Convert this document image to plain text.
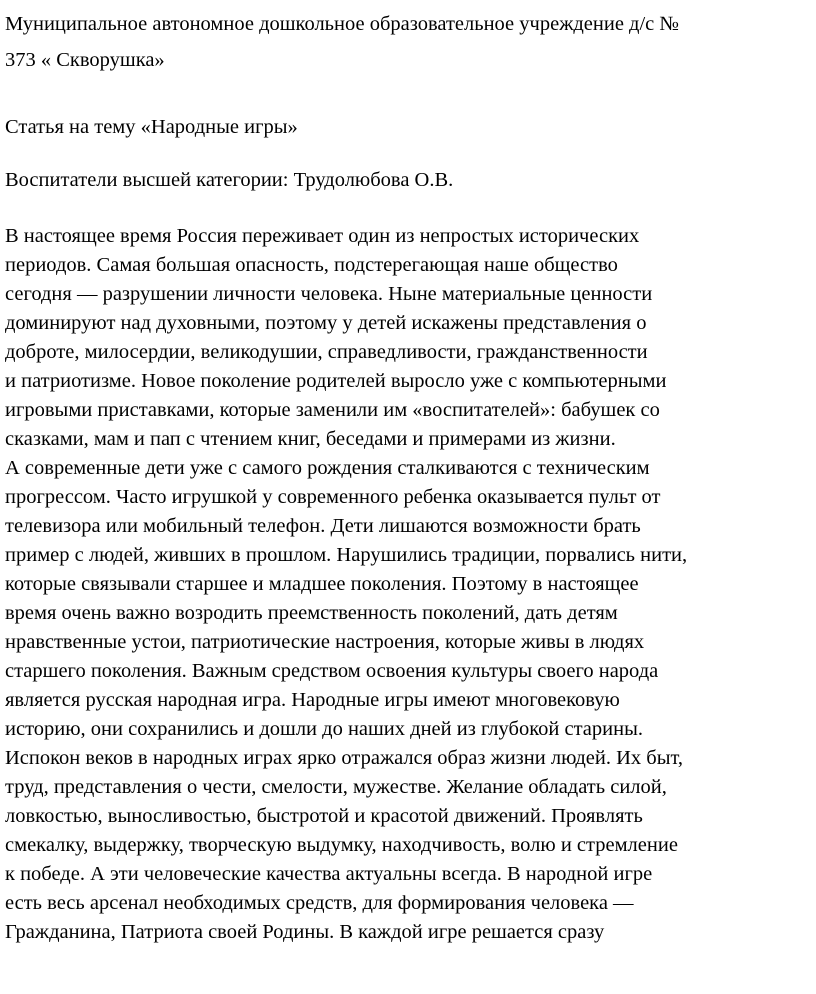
Муниципальное автономное дошкольное образовательное учреждение д/с №
373 « Скворушка»
Статья на тему «Народные игры»
Воспитатели высшей категории: Трудолюбова О.В.
В настоящее время Россия переживает один из непростых исторических
периодов. Самая большая опасность, подстерегающая наше общество
сегодня — разрушении личности человека. Ныне материальные ценности
доминируют над духовными, поэтому у детей искажены представления о
доброте, милосердии, великодушии, справедливости, гражданственности
и патриотизме. Новое поколение родителей выросло уже с компьютерными
игровыми приставками, которые заменили им «воспитателей»: бабушек со
сказками, мам и пап с чтением книг, беседами и примерами из жизни.
А современные дети уже с самого рождения сталкиваются с техническим
прогрессом. Часто игрушкой у современного ребенка оказывается пульт от
телевизора или мобильный телефон. Дети лишаются возможности брать
пример с людей, живших в прошлом. Нарушились традиции, порвались нити,
которые связывали старшее и младшее поколения. Поэтому в настоящее
время очень важно возродить преемственность поколений, дать детям
нравственные устои, патриотические настроения, которые живы в людях
старшего поколения. Важным средством освоения культуры своего народа
является русская народная игра. Народные игры имеют многовековую
историю, они сохранились и дошли до наших дней из глубокой старины.
Испокон веков в народных играх ярко отражался образ жизни людей. Их быт,
труд, представления о чести, смелости, мужестве. Желание обладать силой,
ловкостью, выносливостью, быстротой и красотой движений. Проявлять
смекалку, выдержку, творческую выдумку, находчивость, волю и стремление
к победе. А эти человеческие качества актуальны всегда. В народной игре
есть весь арсенал необходимых средств, для формирования человека —
Гражданина, Патриота своей Родины. В каждой игре решается сразу
